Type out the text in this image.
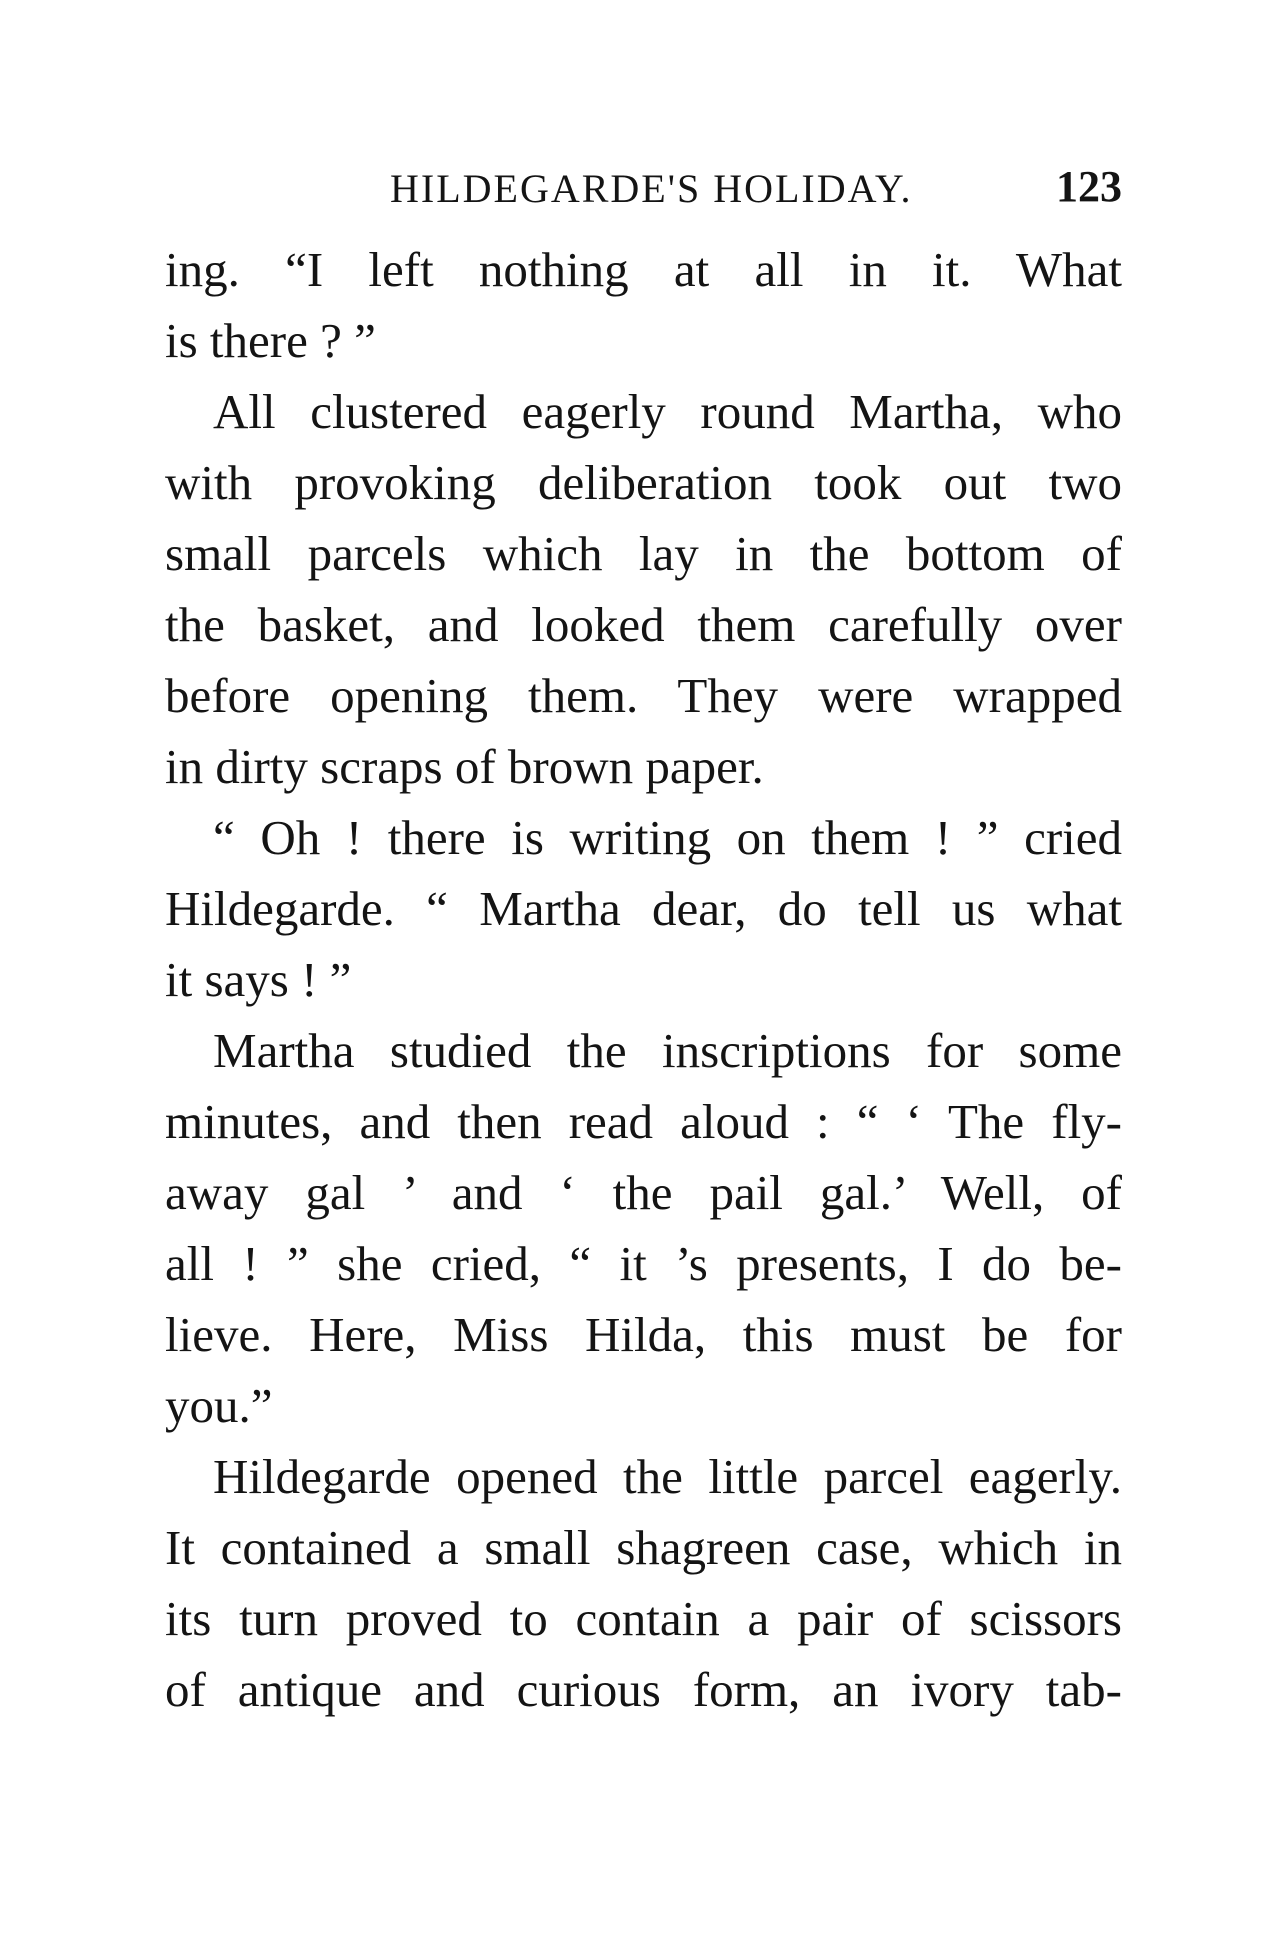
HILDEGARDE'S HOLIDAY.	123
ing. “I left nothing at all in it. What
is there ? ”
All clustered eagerly round Martha, who
with provoking deliberation took out two
small parcels which lay in the bottom of
the basket, and looked them carefully over
before opening them. They were wrapped
in dirty scraps of brown paper.
“ Oh ! there is writing on them ! ” cried
Hildegarde. “ Martha dear, do tell us what
it says ! ”
Martha studied the inscriptions for some
minutes, and then read aloud : “ ‘ The fly-
away gal ’ and ‘ the pail gal.’ Well, of
all ! ” she cried, “ it ’s presents, I do be-
lieve. Here, Miss Hilda, this must be for
you.”
Hildegarde opened the little parcel eagerly.
It contained a small shagreen case, which in
its turn proved to contain a pair of scissors
of antique and curious form, an ivory tab-
